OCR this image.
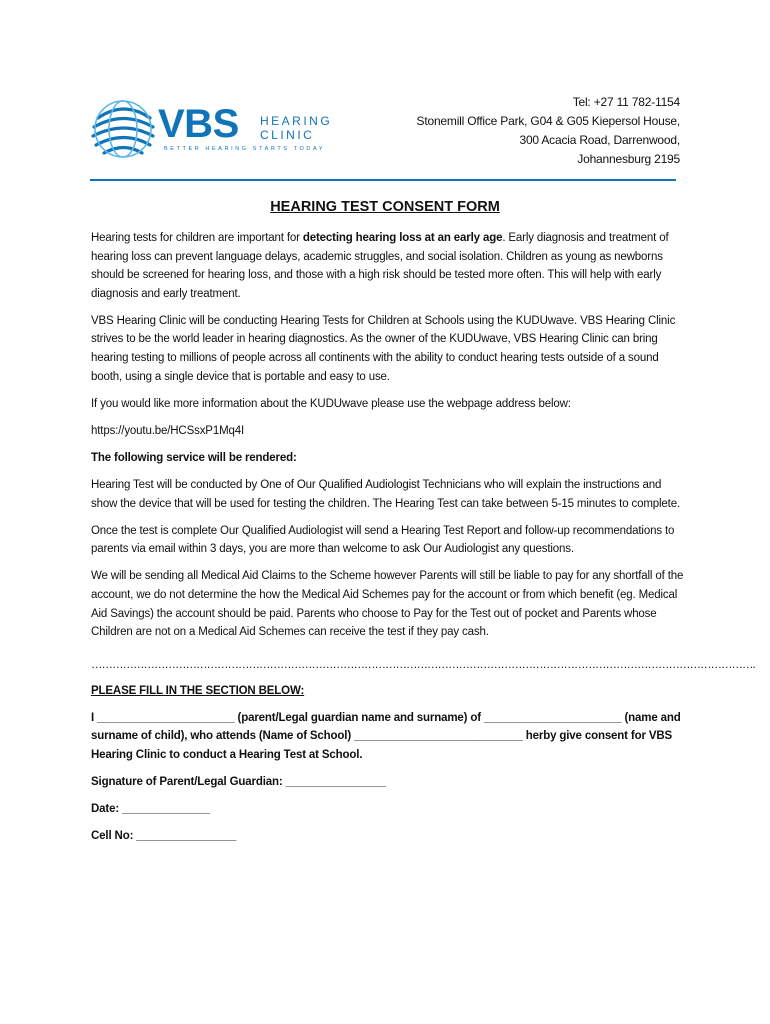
VBS HEARING
CLINIC
BETTER HEARING STARTS TODAY
Tel: +27 11 782-1154
Stonemill Office Park, G04 & G05 Kiepersol House,
300 Acacia Road, Darrenwood,
Johannesburg 2195
HEARING TEST CONSENT FORM

Hearing tests for children are important for detecting hearing loss at an early age. Early diagnosis and treatment of hearing loss can prevent language delays, academic struggles, and social isolation. Children as young as newborns should be screened for hearing loss, and those with a high risk should be tested more often. This will help with early diagnosis and early treatment.

VBS Hearing Clinic will be conducting Hearing Tests for Children at Schools using the KUDUwave. VBS Hearing Clinic strives to be the world leader in hearing diagnostics. As the owner of the KUDUwave, VBS Hearing Clinic can bring hearing testing to millions of people across all continents with the ability to conduct hearing tests outside of a sound booth, using a single device that is portable and easy to use.

If you would like more information about the KUDUwave please use the webpage address below:

https://youtu.be/HCSsxP1Mq4I

The following service will be rendered:

Hearing Test will be conducted by One of Our Qualified Audiologist Technicians who will explain the instructions and show the device that will be used for testing the children. The Hearing Test can take between 5-15 minutes to complete.

Once the test is complete Our Qualified Audiologist will send a Hearing Test Report and follow-up recommendations to parents via email within 3 days, you are more than welcome to ask Our Audiologist any questions.

We will be sending all Medical Aid Claims to the Scheme however Parents will still be liable to pay for any shortfall of the account, we do not determine the how the Medical Aid Schemes pay for the account or from which benefit (eg. Medical Aid Savings) the account should be paid. Parents who choose to Pay for the Test out of pocket and Parents whose Children are not on a Medical Aid Schemes can receive the test if they pay cash.

……………………………………………………………………………………………………………………………………………………………………….

PLEASE FILL IN THE SECTION BELOW:

I ______________________ (parent/Legal guardian name and surname) of ______________________ (name and surname of child), who attends (Name of School) ___________________________ herby give consent for VBS Hearing Clinic to conduct a Hearing Test at School.

Signature of Parent/Legal Guardian: ________________

Date: ______________

Cell No: ________________
